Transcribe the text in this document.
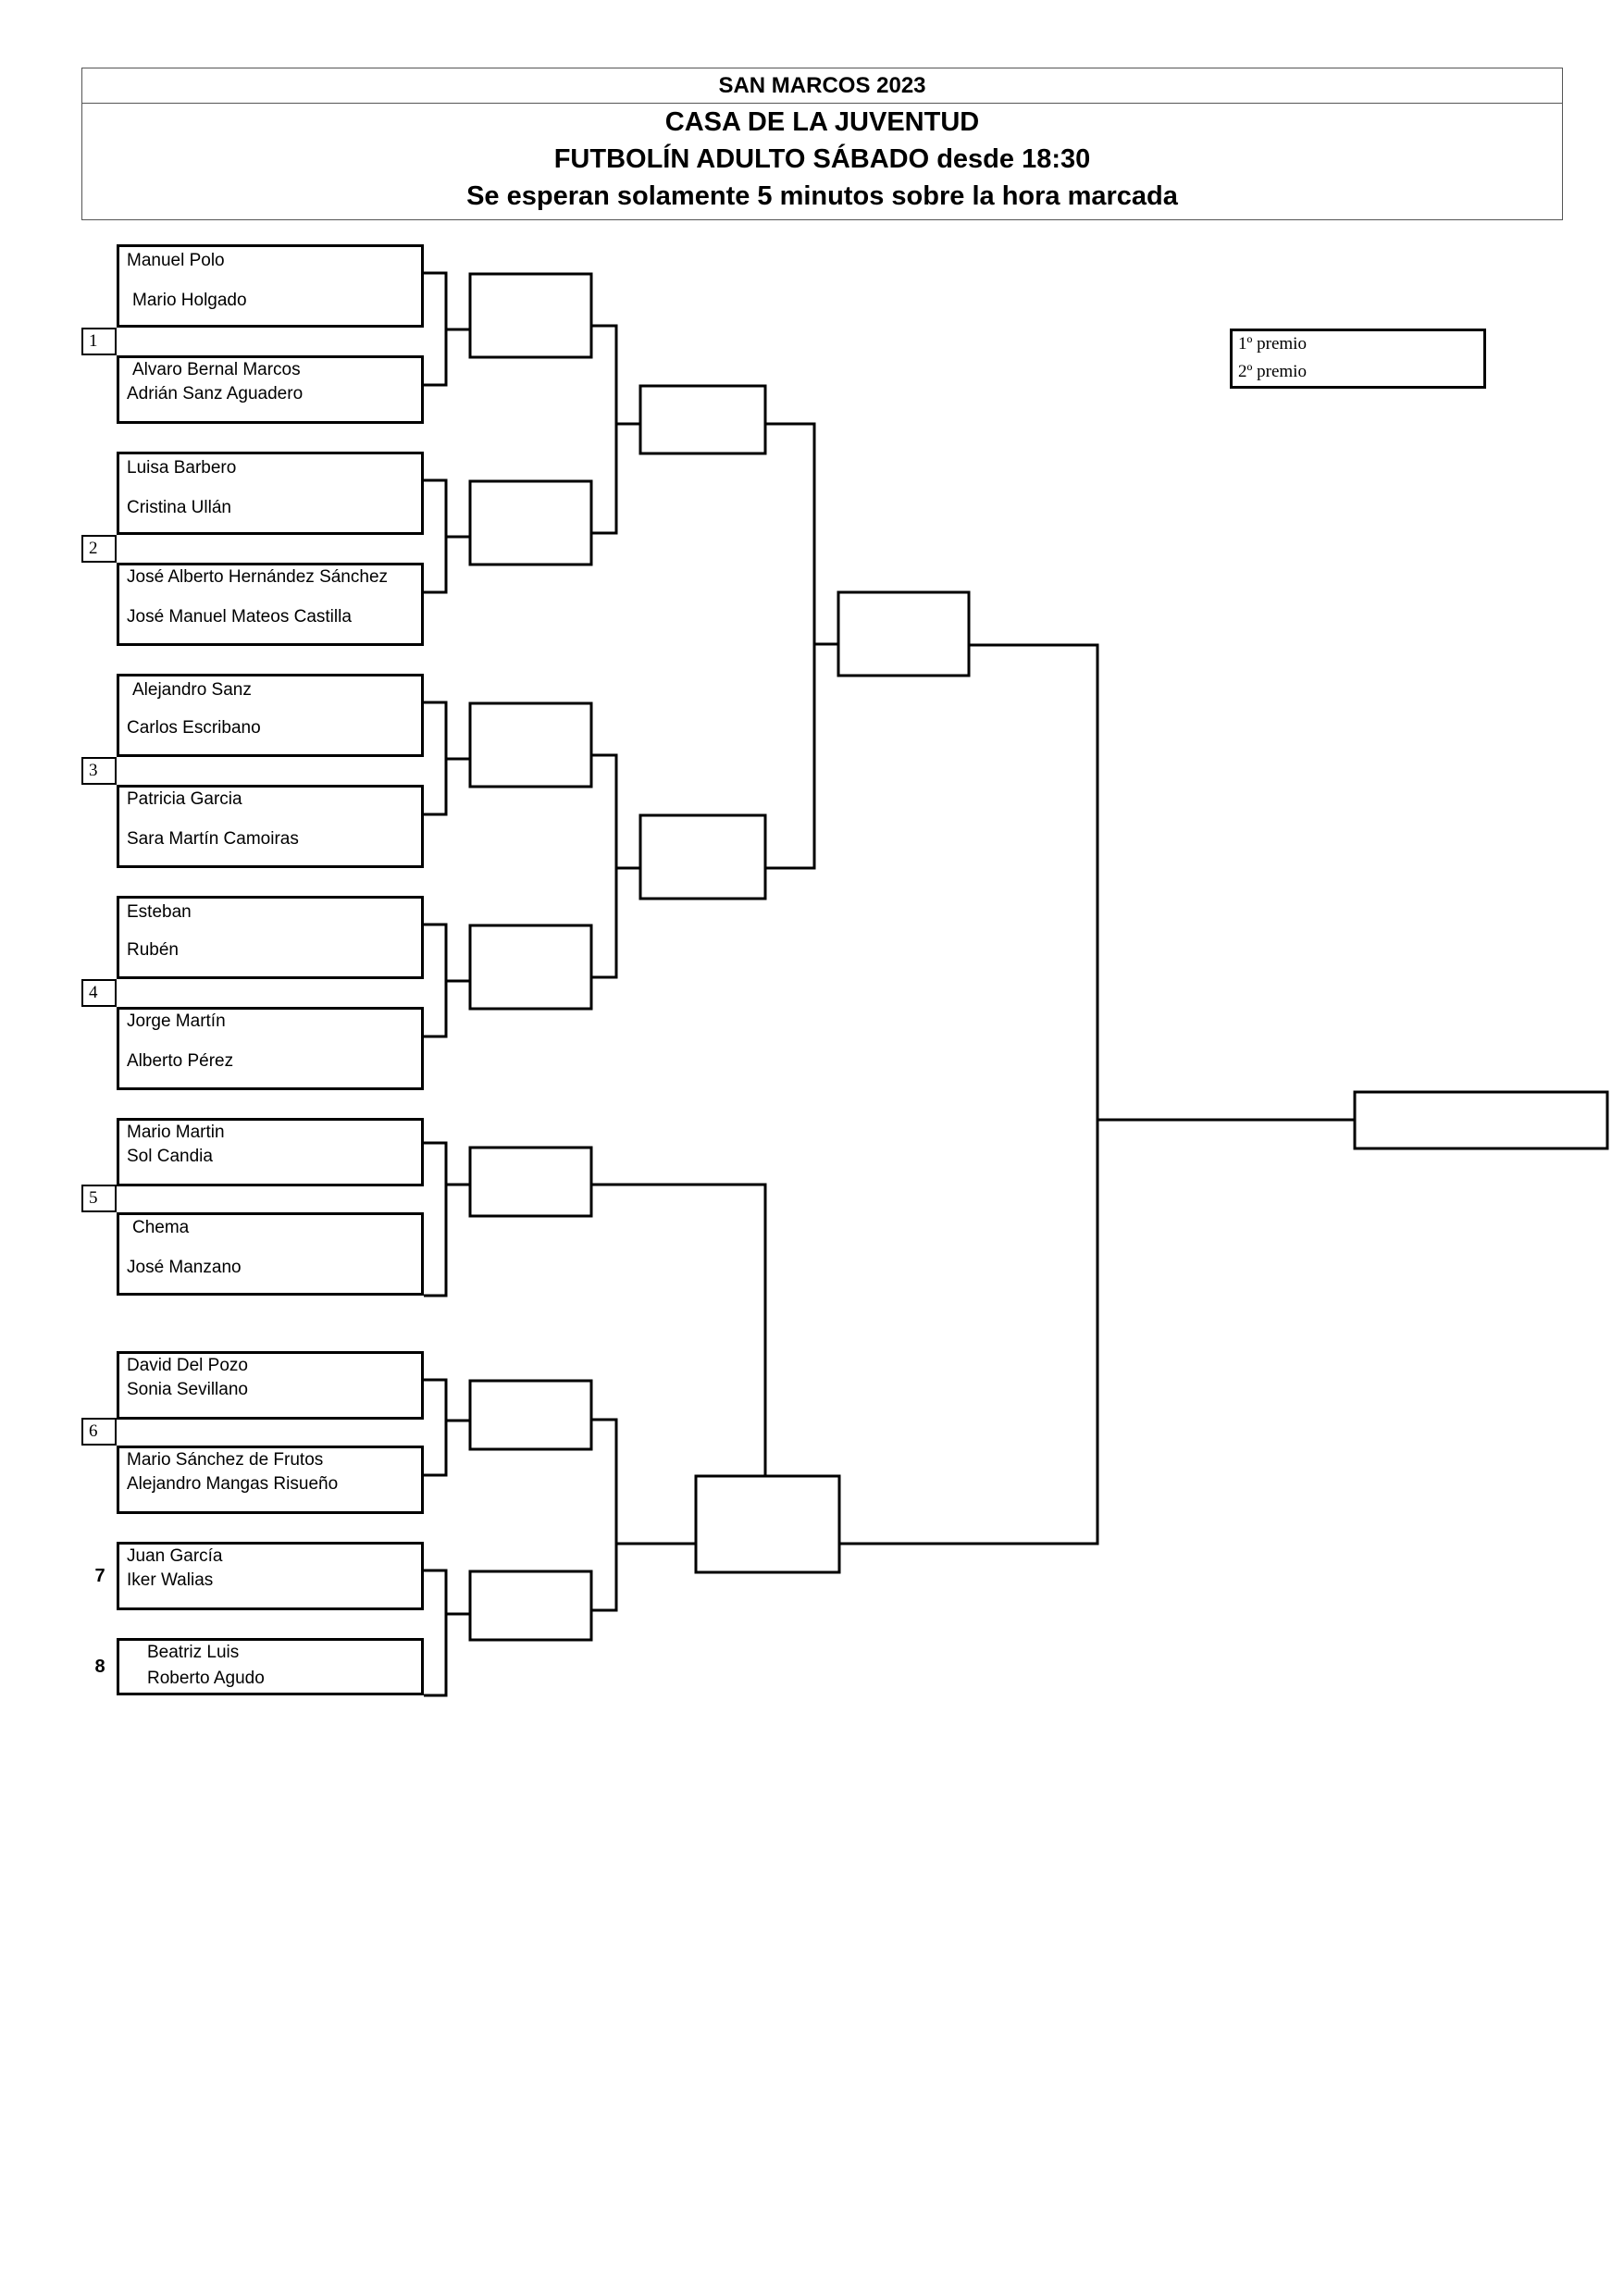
SAN MARCOS 2023
CASA DE LA JUVENTUD
FUTBOLÍN ADULTO SÁBADO desde 18:30
Se esperan solamente 5 minutos sobre la hora marcada
1º premio
2º premio
1
Manuel Polo
Mario Holgado
Alvaro Bernal Marcos
Adrián Sanz Aguadero
2
Luisa Barbero
Cristina Ullán
José Alberto Hernández Sánchez
José Manuel Mateos Castilla
3
Alejandro Sanz
Carlos Escribano
Patricia Garcia
Sara Martín Camoiras
4
Esteban
Rubén
Jorge Martín
Alberto Pérez
5
Mario Martin
Sol Candia
Chema
José Manzano
6
David Del Pozo
Sonia Sevillano
Mario Sánchez de Frutos
Alejandro Mangas Risueño
7
Juan García
Iker Walias
8
Beatriz Luis
Roberto Agudo
